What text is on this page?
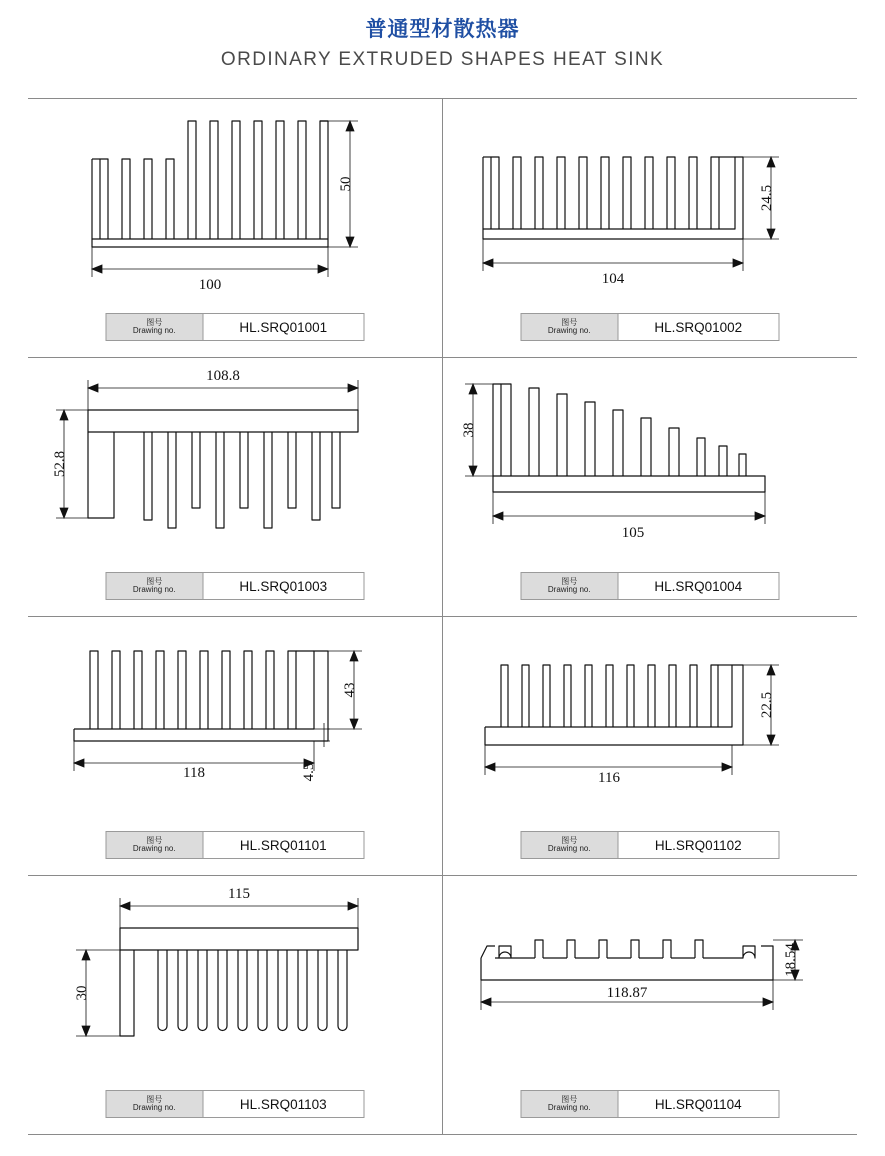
普通型材散热器
ORDINARY EXTRUDED SHAPES HEAT SINK
100
50
图号
Drawing no.	HL.SRQ01001
104
24.5
图号
Drawing no.	HL.SRQ01002
108.8
52.8
图号
Drawing no.	HL.SRQ01003
38
105
图号
Drawing no.	HL.SRQ01004
118
43
4.5
图号
Drawing no.	HL.SRQ01101
116
22.5
图号
Drawing no.	HL.SRQ01102
115
30
图号
Drawing no.	HL.SRQ01103
118.87
18.54
图号
Drawing no.	HL.SRQ01104
